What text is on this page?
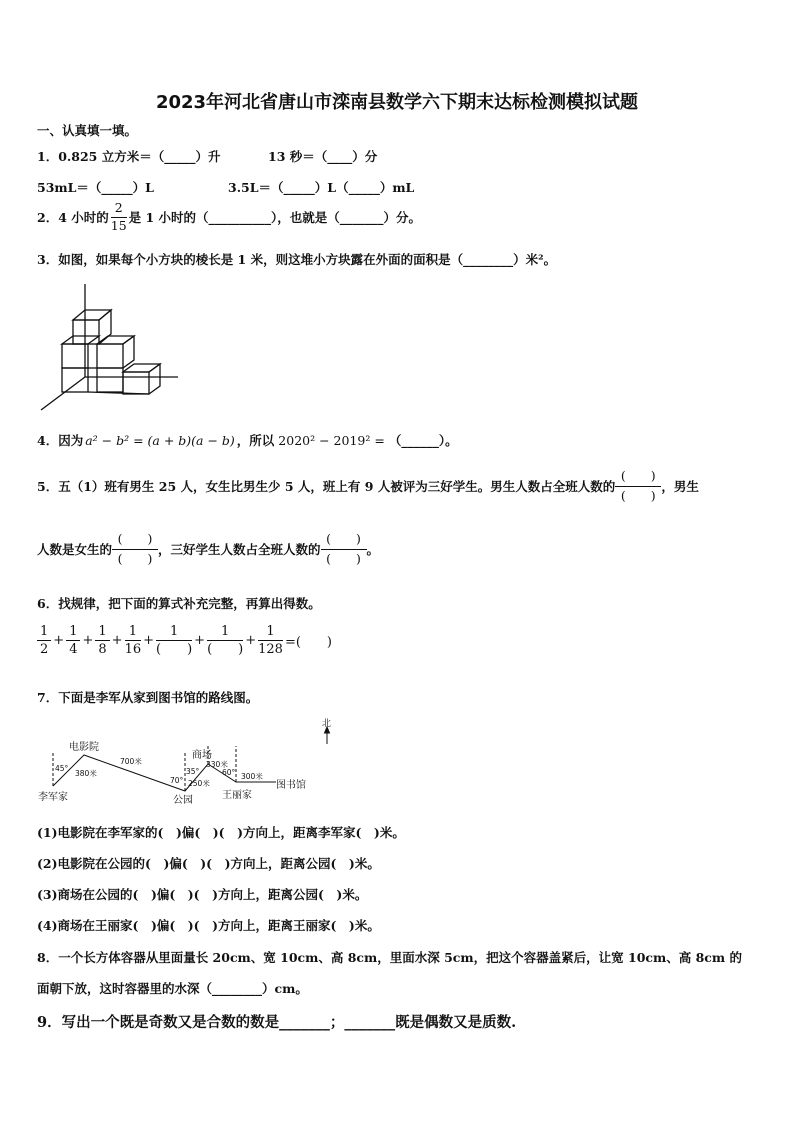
2023年河北省唐山市滦南县数学六下期末达标检测模拟试题
一、认真填一填。
1．0.825 立方米＝（_____）升	13 秒＝（____）分
53mL＝（_____）L	3.5L＝（_____）L（_____）mL
2．4 小时的 $\frac{2}{15}$ 是 1 小时的（__________），也就是（_______）分。
3．如图，如果每个小方块的棱长是 1 米，则这堆小方块露在外面的面积是（________）米²。
4．因为 a² − b² = (a + b)(a − b) ，所以 2020² − 2019² = （______）。
5．五（1）班有男生 25 人，女生比男生少 5 人，班上有 9 人被评为三好学生。男生人数占全班人数的 $\frac{( )}{( )}$ ，男生
人数是女生的 $\frac{( )}{( )}$ ，三好学生人数占全班人数的 $\frac{( )}{( )}$ 。
6．找规律，把下面的算式补充完整，再算出得数。
$\frac{1}{2} + \frac{1}{4} + \frac{1}{8} + \frac{1}{16} + \frac{1}{( )} + \frac{1}{( )} + \frac{1}{128}$ =(　　)
7．下面是李军从家到图书馆的路线图。
电影院
李军家	公园
商场
王丽家
图书馆
北
380米
700米
250米
330米
300米
45°
70°
35°	60°
(1)电影院在李军家的(　)偏(　)(　)方向上，距离李军家(　)米。
(2)电影院在公园的(　)偏(　)(　)方向上，距离公园(　)米。
(3)商场在公园的(　)偏(　)(　)方向上，距离公园(　)米。
(4)商场在王丽家(　)偏(　)(　)方向上，距离王丽家(　)米。
8．一个长方体容器从里面量长 20cm、宽 10cm、高 8cm，里面水深 5cm，把这个容器盖紧后，让宽 10cm、高 8cm 的
面朝下放，这时容器里的水深（________）cm。
9．写出一个既是奇数又是合数的数是_______；_______既是偶数又是质数.
